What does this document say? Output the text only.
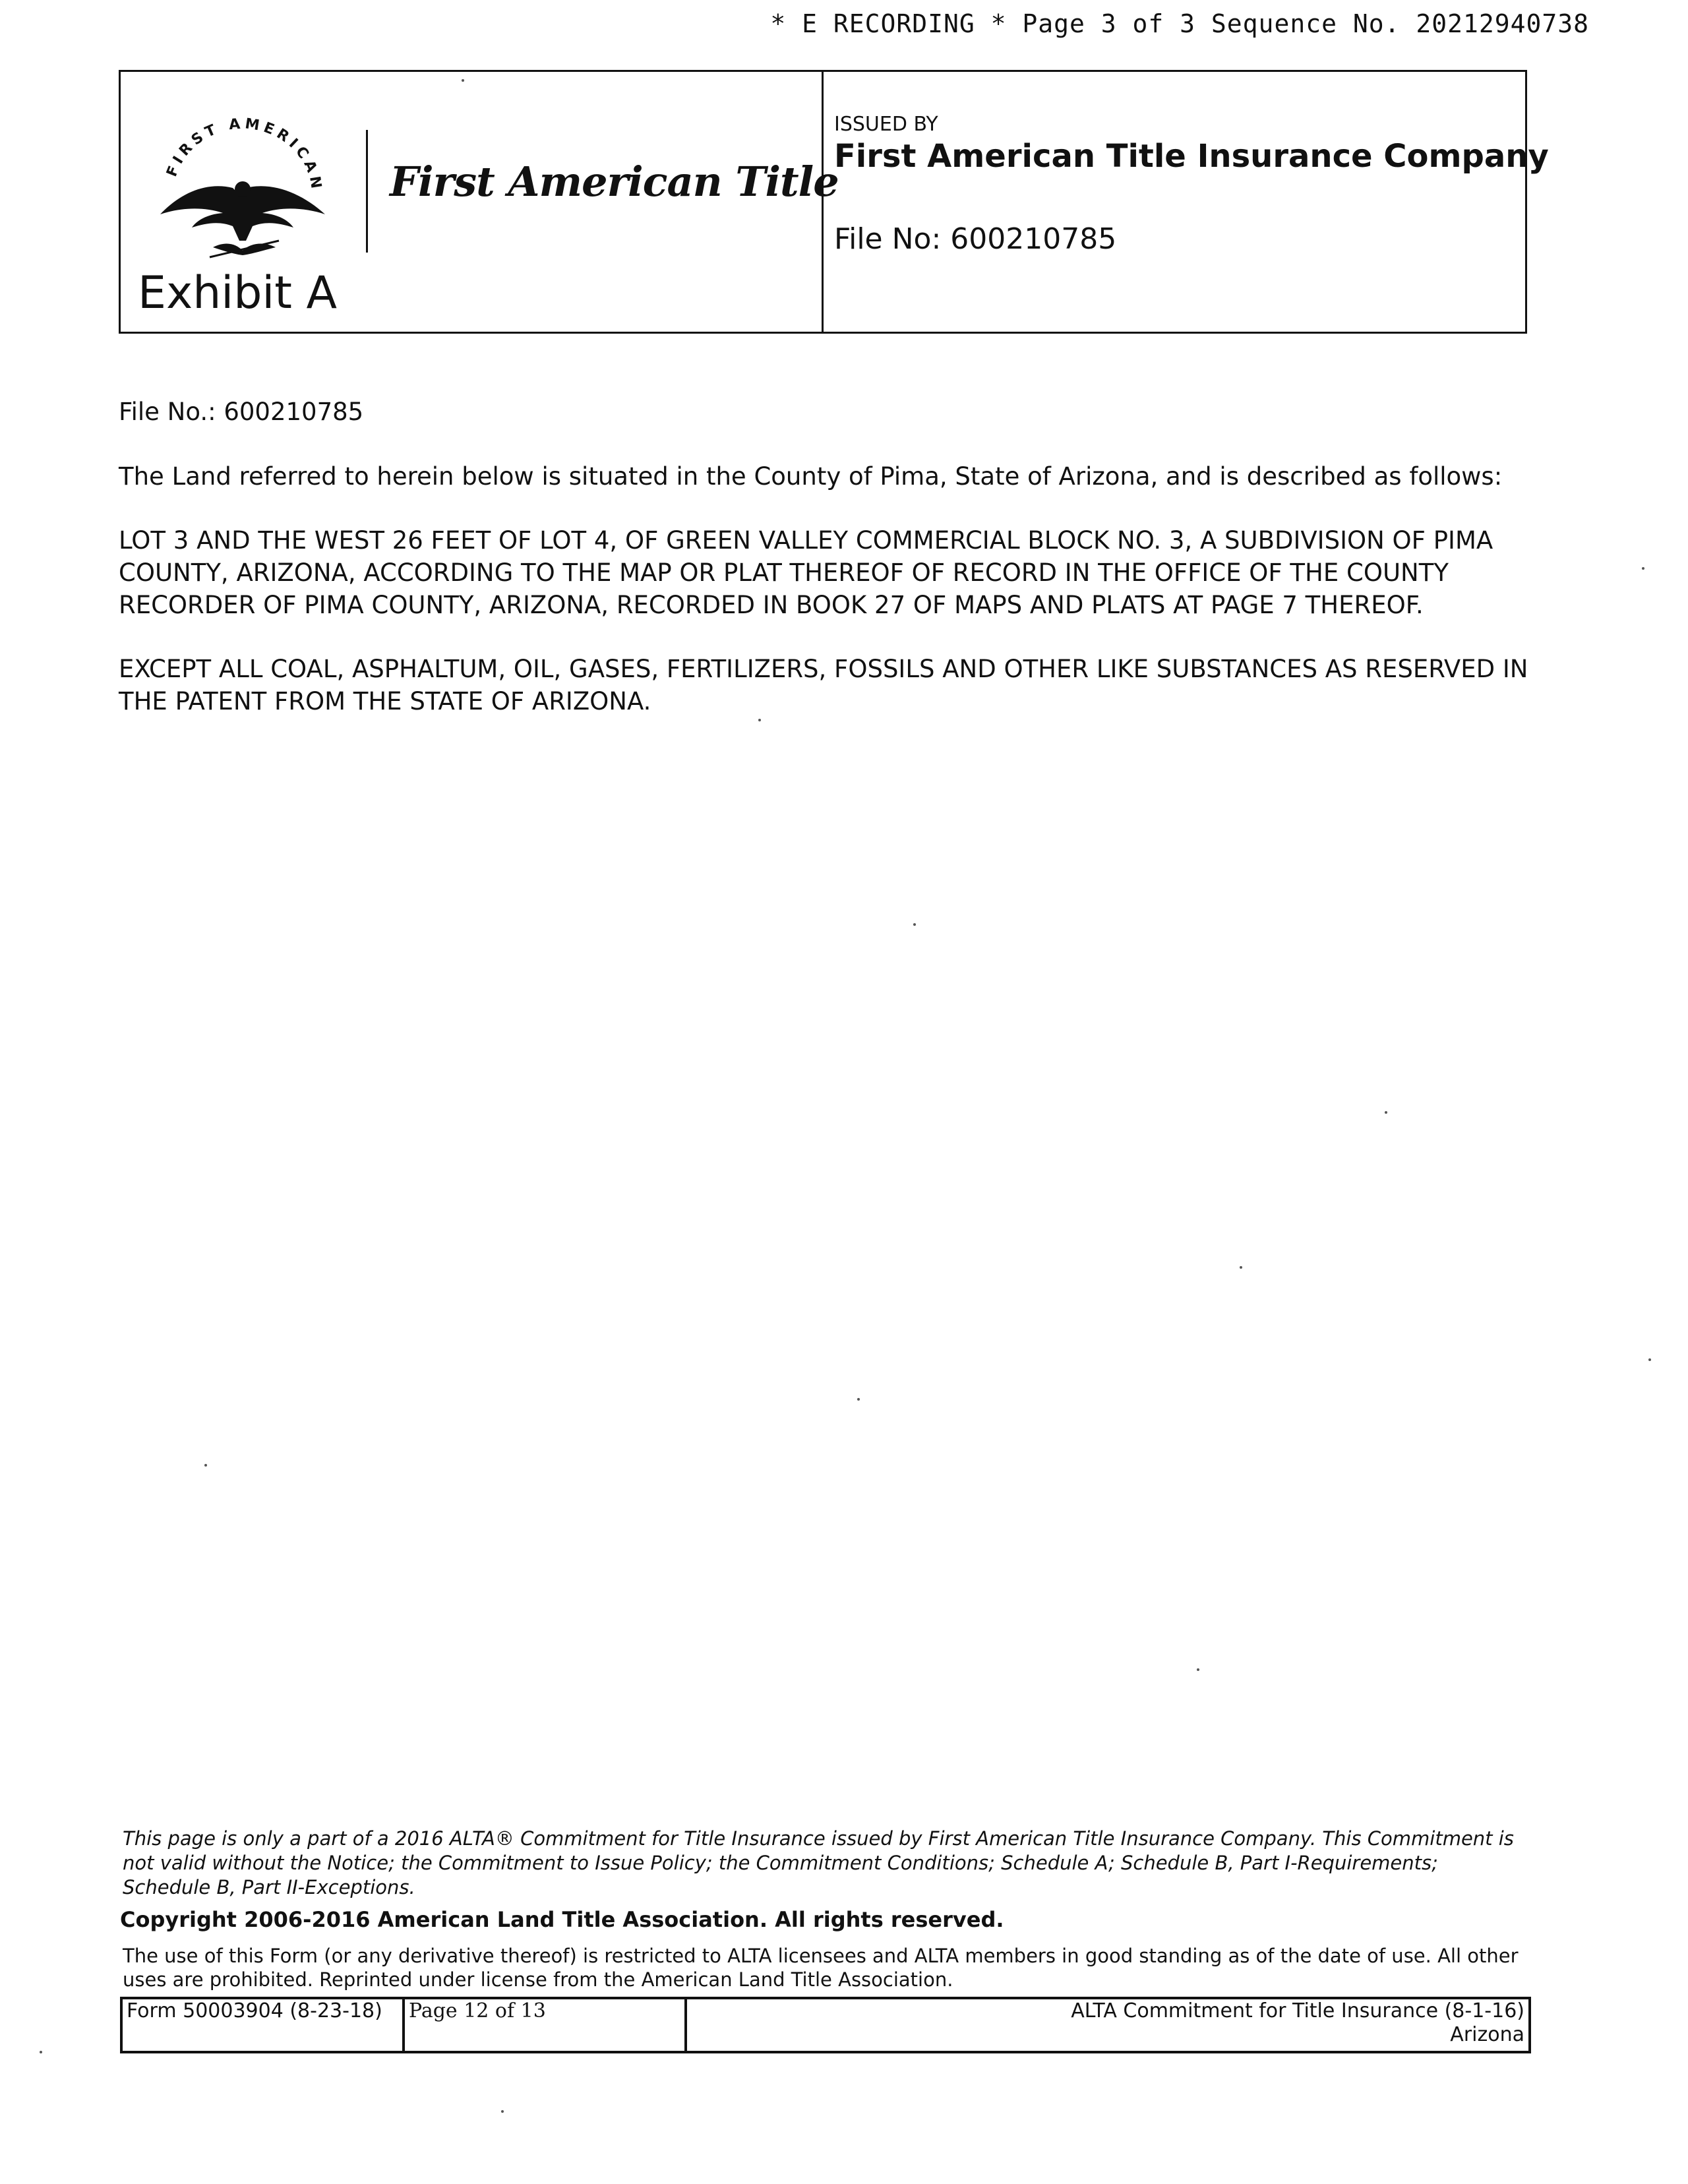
* E RECORDING * Page 3 of 3 Sequence No. 20212940738
FIRST AMERICAN First American Title
Exhibit A
ISSUED BY
First American Title Insurance Company
File No: 600210785
File No.: 600210785
The Land referred to herein below is situated in the County of Pima, State of Arizona, and is described as follows:
LOT 3 AND THE WEST 26 FEET OF LOT 4, OF GREEN VALLEY COMMERCIAL BLOCK NO. 3, A SUBDIVISION OF PIMA COUNTY, ARIZONA, ACCORDING TO THE MAP OR PLAT THEREOF OF RECORD IN THE OFFICE OF THE COUNTY RECORDER OF PIMA COUNTY, ARIZONA, RECORDED IN BOOK 27 OF MAPS AND PLATS AT PAGE 7 THEREOF.
EXCEPT ALL COAL, ASPHALTUM, OIL, GASES, FERTILIZERS, FOSSILS AND OTHER LIKE SUBSTANCES AS RESERVED IN THE PATENT FROM THE STATE OF ARIZONA.
This page is only a part of a 2016 ALTA® Commitment for Title Insurance issued by First American Title Insurance Company. This Commitment is not valid without the Notice; the Commitment to Issue Policy; the Commitment Conditions; Schedule A; Schedule B, Part I-Requirements; Schedule B, Part II-Exceptions.
Copyright 2006-2016 American Land Title Association. All rights reserved.
The use of this Form (or any derivative thereof) is restricted to ALTA licensees and ALTA members in good standing as of the date of use. All other uses are prohibited. Reprinted under license from the American Land Title Association.
Form 50003904 (8-23-18)	Page 12 of 13	ALTA Commitment for Title Insurance (8-1-16)
Arizona
